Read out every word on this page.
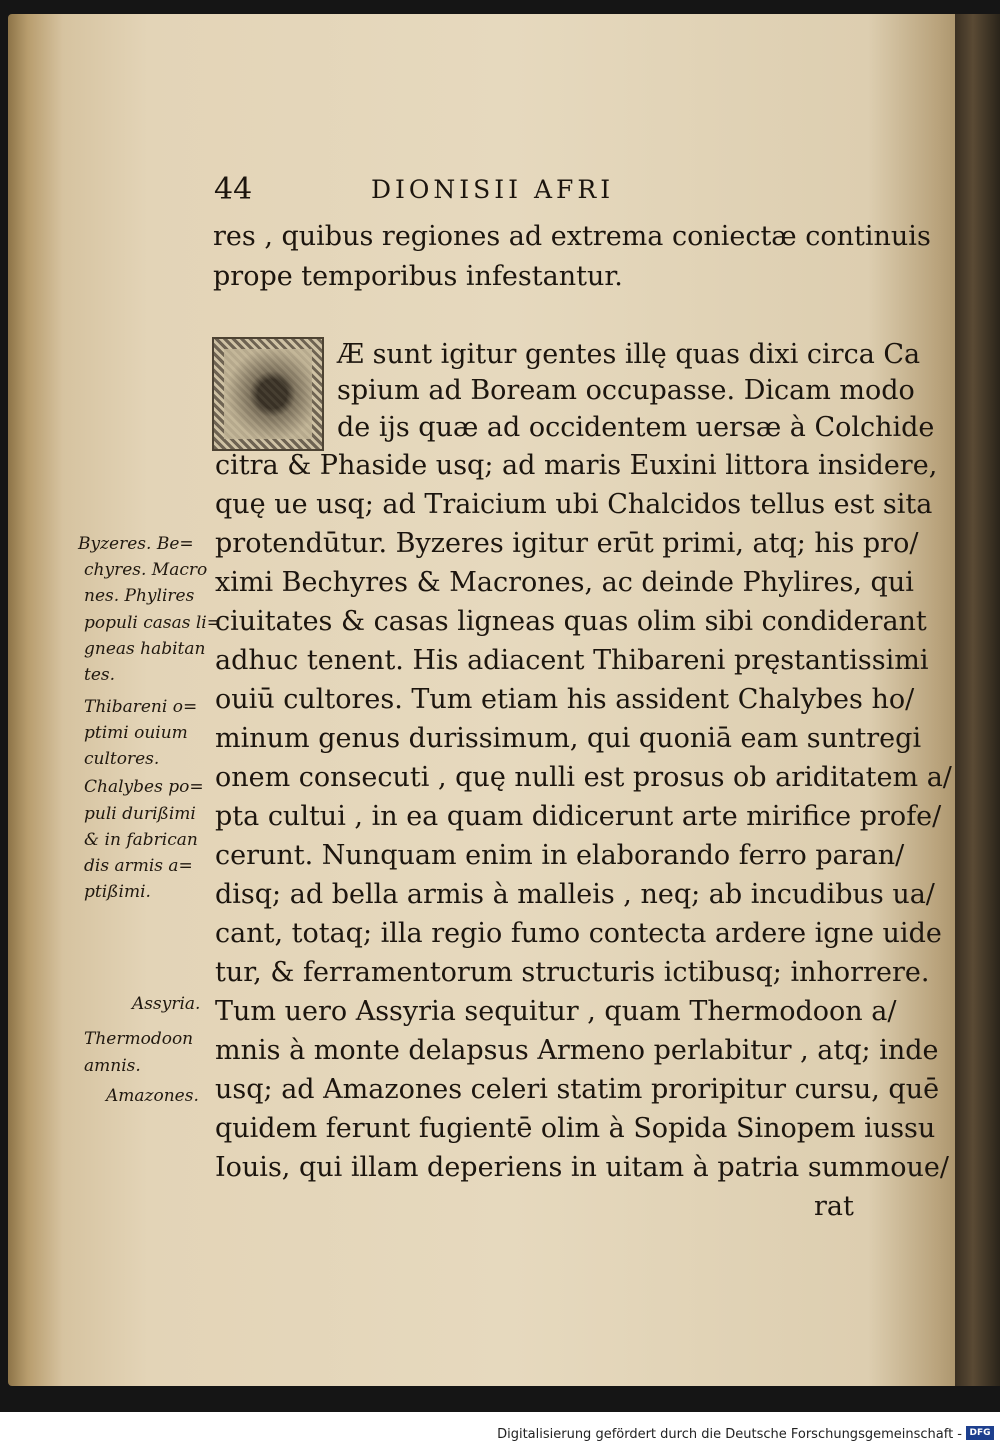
44	DIONISII AFRI
res , quibus regiones ad extrema coniectæ continuis
prope temporibus infestantur.
Æ sunt igitur gentes illę quas dixi circa Ca
spium ad Boream occupasse. Dicam modo
de ijs quæ ad occidentem uersæ à Colchide
citra & Phaside usq; ad maris Euxini littora insidere,
quę ue usq; ad Traicium ubi Chalcidos tellus est sita
protendūtur. Byzeres igitur erūt primi, atq; his pro/
ximi Bechyres & Macrones, ac deinde Phylires, qui
ciuitates & casas ligneas quas olim sibi condiderant
adhuc tenent. His adiacent Thibareni pręstantissimi
ouiū cultores. Tum etiam his assident Chalybes ho/
minum genus durissimum, qui quoniā eam suntregi
onem consecuti , quę nulli est prosus ob ariditatem a/
pta cultui , in ea quam didicerunt arte mirifice profe/
cerunt. Nunquam enim in elaborando ferro paran/
disq; ad bella armis à malleis , neq; ab incudibus ua/
cant, totaq; illa regio fumo contecta ardere igne uide
tur, & ferramentorum structuris ictibusq; inhorrere.
Tum uero Assyria sequitur , quam Thermodoon a/
mnis à monte delapsus Armeno perlabitur , atq; inde
usq; ad Amazones celeri statim proripitur cursu, quē
quidem ferunt fugientē olim à Sopida Sinopem iussu
Iouis, qui illam deperiens in uitam à patria summoue/
rat
Byzeres. Be=
chyres. Macro
nes. Phylires
populi casas li=
gneas habitan
tes.
Thibareni o=
ptimi ouium
cultores.
Chalybes po=
puli durißimi
& in fabrican
dis armis a=
ptißimi.
Assyria.
Thermodoon
amnis.
Amazones.
Digitalisierung gefördert durch die Deutsche Forschungsgemeinschaft - DFG
